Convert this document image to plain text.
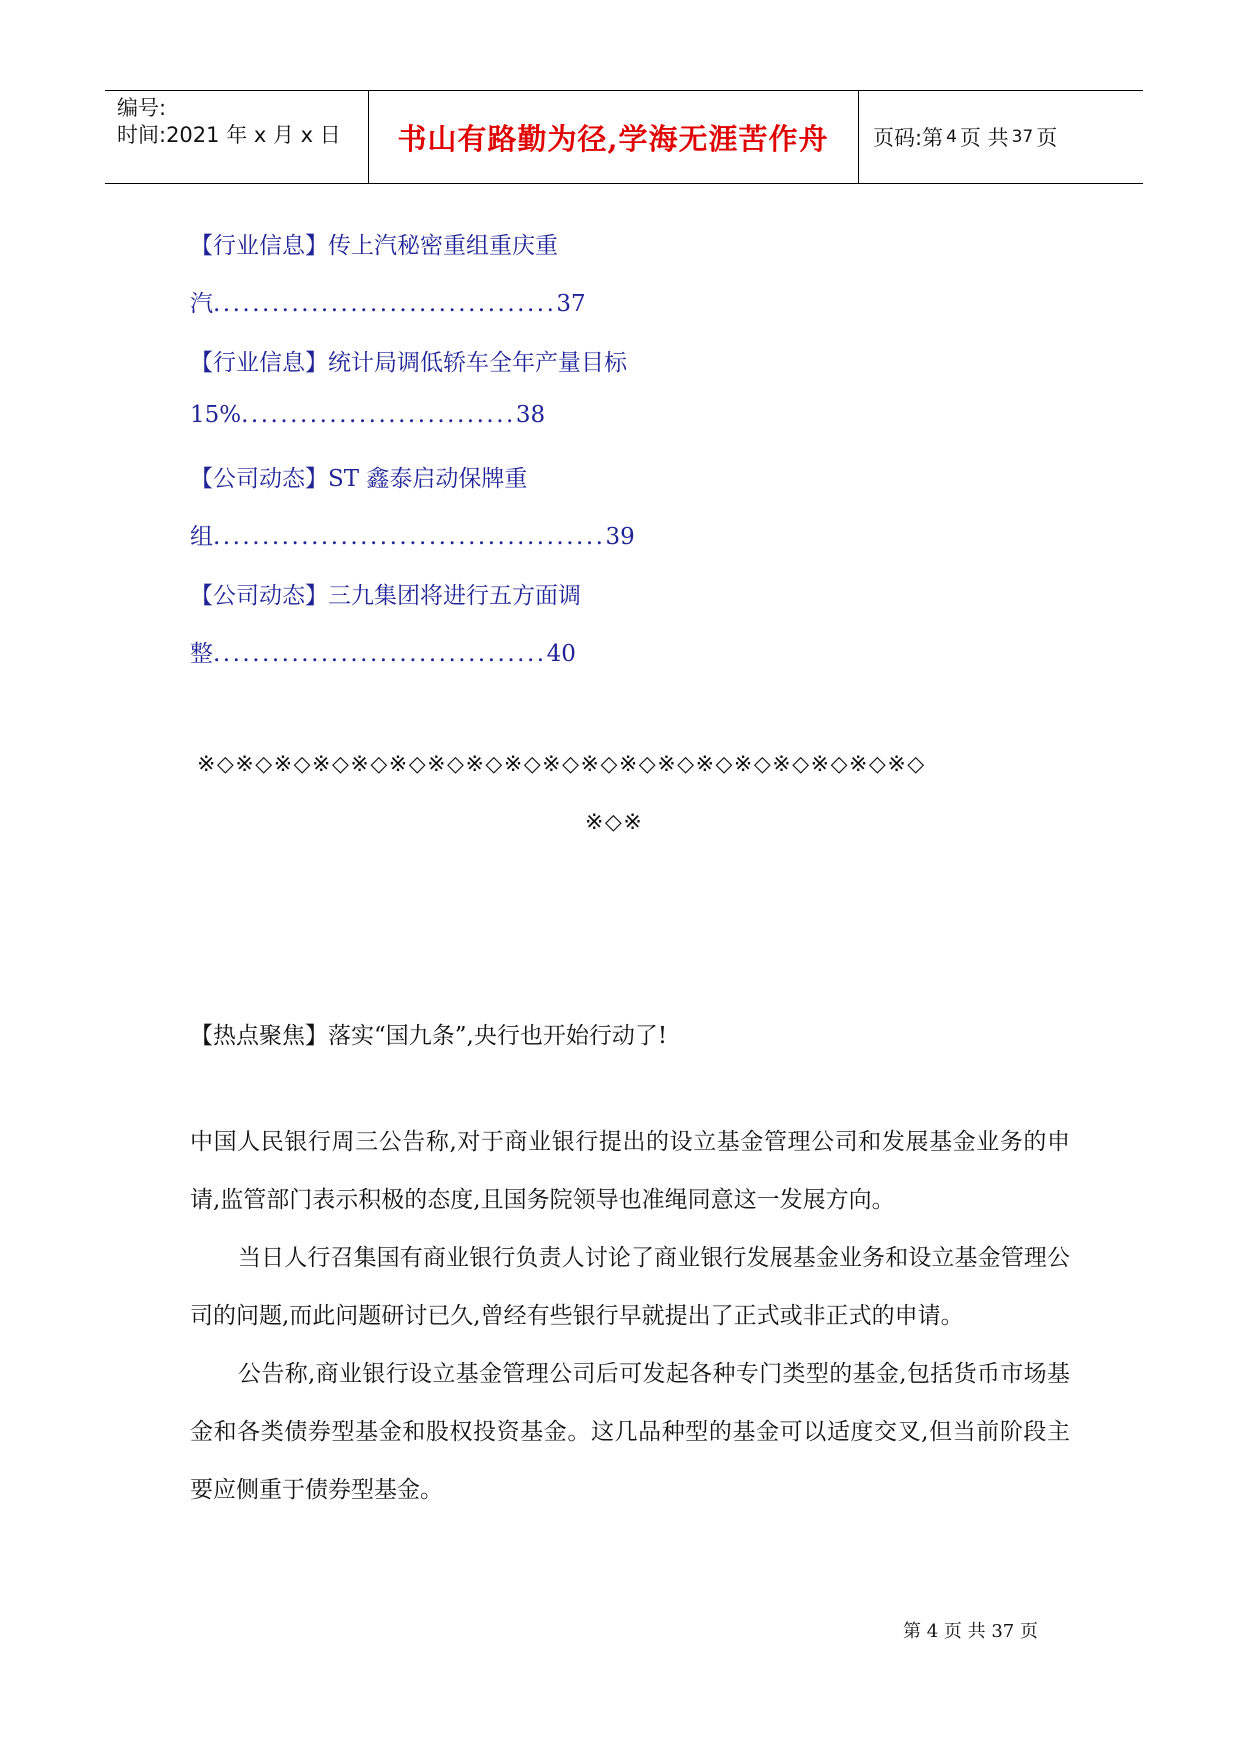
编号:
时间:2021 年 x 月 x 日	书山有路勤为径,学海无涯苦作舟	页码:第 4 页 共 37 页
【行业信息】传上汽秘密重组重庆重
汽...................................37
【行业信息】统计局调低轿车全年产量目标
15%............................38
【公司动态】ST 鑫泰启动保牌重
组........................................39
【公司动态】三九集团将进行五方面调
整..................................40
※◇※◇※◇※◇※◇※◇※◇※◇※◇※◇※◇※◇※◇※◇※◇※◇※◇※◇※◇
※◇※
【热点聚焦】落实“国九条”,央行也开始行动了!

中国人民银行周三公告称,对于商业银行提出的设立基金管理公司和发展基金业务的申请,监管部门表示积极的态度,且国务院领导也准绳同意这一发展方向。

当日人行召集国有商业银行负责人讨论了商业银行发展基金业务和设立基金管理公司的问题,而此问题研讨已久,曾经有些银行早就提出了正式或非正式的申请。

公告称,商业银行设立基金管理公司后可发起各种专门类型的基金,包括货币市场基金和各类债券型基金和股权投资基金。这几品种型的基金可以适度交叉,但当前阶段主要应侧重于债券型基金。

第 4 页 共 37 页
